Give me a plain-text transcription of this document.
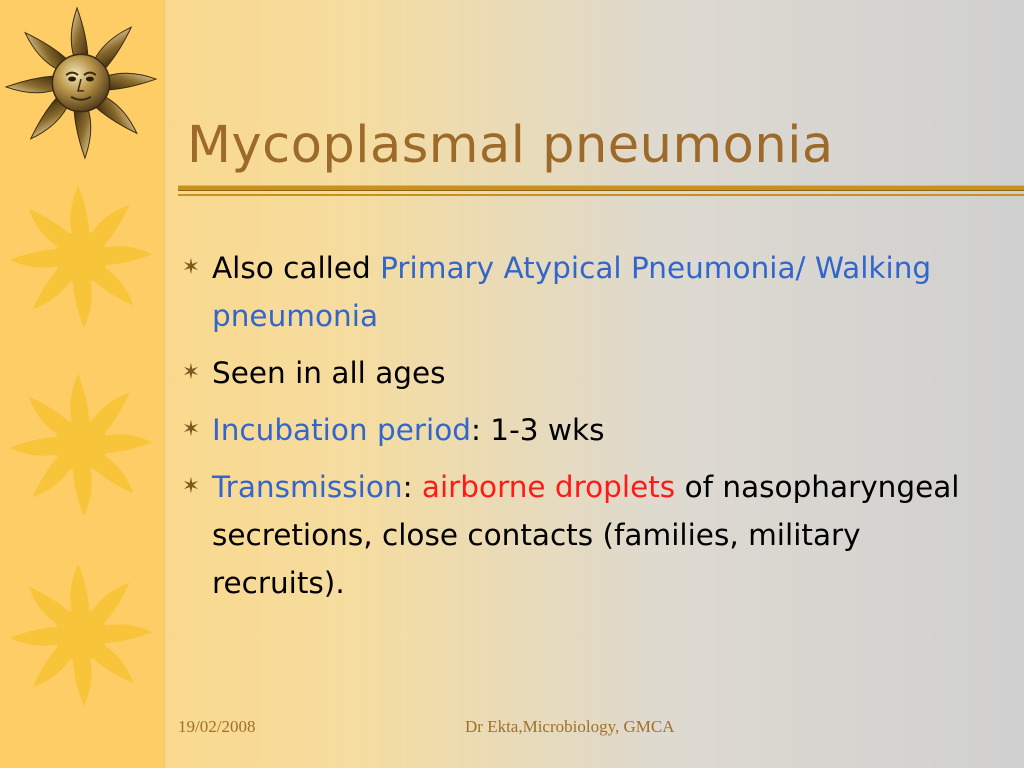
Mycoplasmal pneumonia
✶ Also called Primary Atypical Pneumonia/ Walking pneumonia
✶ Seen in all ages
✶ Incubation period: 1-3 wks
✶ Transmission: airborne droplets of nasopharyngeal secretions, close contacts (families, military recruits).
19/02/2008	Dr Ekta,Microbiology, GMCA
